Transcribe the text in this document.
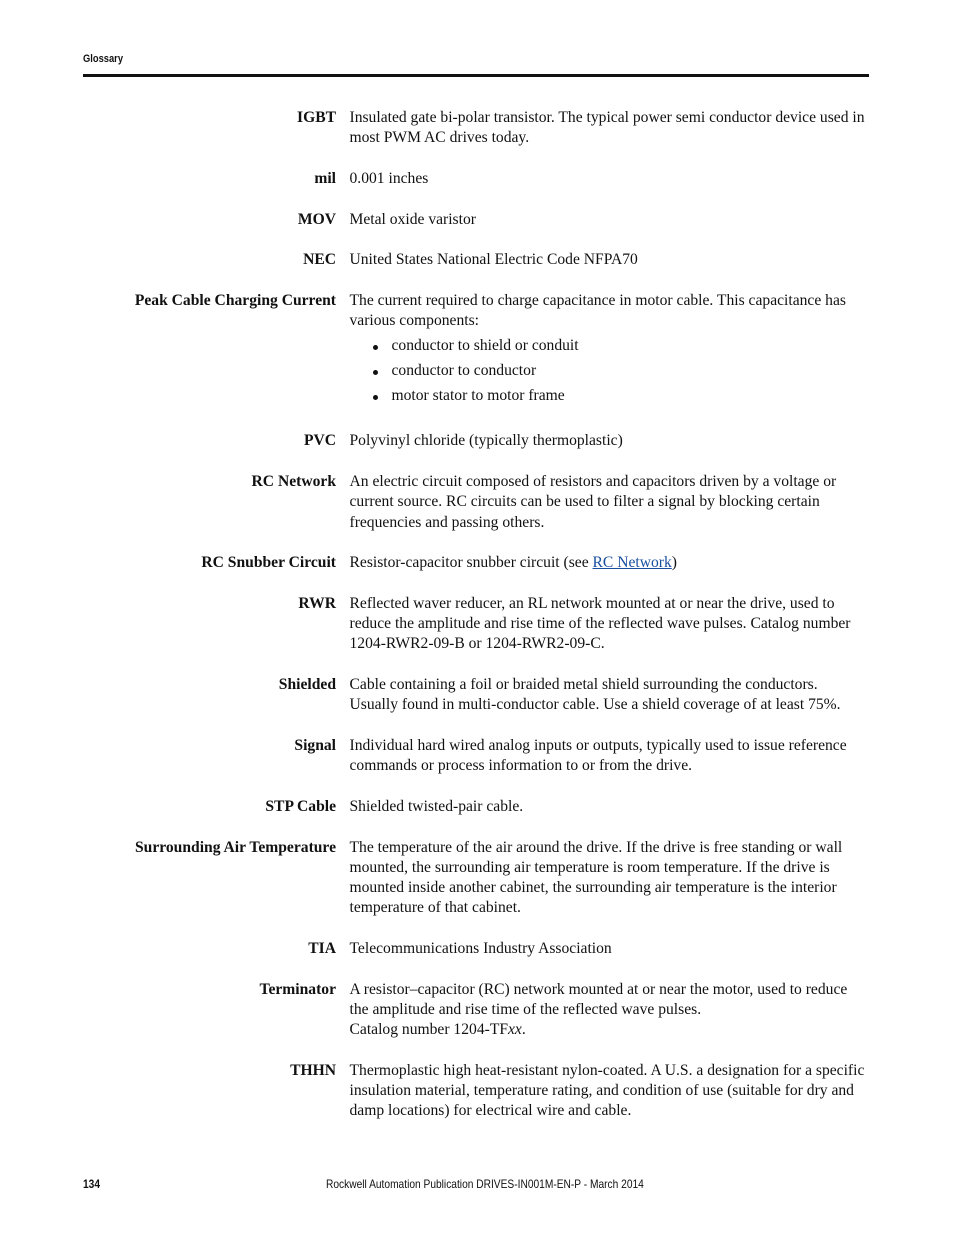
Glossary
IGBT Insulated gate bi-polar transistor. The typical power semi conductor device used in most PWM AC drives today.
mil 0.001 inches
MOV Metal oxide varistor
NEC United States National Electric Code NFPA70
Peak Cable Charging Current The current required to charge capacitance in motor cable. This capacitance has various components:
conductor to shield or conduit
conductor to conductor
motor stator to motor frame
PVC Polyvinyl chloride (typically thermoplastic)
RC Network An electric circuit composed of resistors and capacitors driven by a voltage or current source. RC circuits can be used to filter a signal by blocking certain frequencies and passing others.
RC Snubber Circuit Resistor-capacitor snubber circuit (see RC Network)
RWR Reflected waver reducer, an RL network mounted at or near the drive, used to reduce the amplitude and rise time of the reflected wave pulses. Catalog number 1204-RWR2-09-B or 1204-RWR2-09-C.
Shielded Cable containing a foil or braided metal shield surrounding the conductors. Usually found in multi-conductor cable. Use a shield coverage of at least 75%.
Signal Individual hard wired analog inputs or outputs, typically used to issue reference commands or process information to or from the drive.
STP Cable Shielded twisted-pair cable.
Surrounding Air Temperature The temperature of the air around the drive. If the drive is free standing or wall mounted, the surrounding air temperature is room temperature. If the drive is mounted inside another cabinet, the surrounding air temperature is the interior temperature of that cabinet.
TIA Telecommunications Industry Association
Terminator A resistor–capacitor (RC) network mounted at or near the motor, used to reduce the amplitude and rise time of the reflected wave pulses.
Catalog number 1204-TFxx.
THHN Thermoplastic high heat-resistant nylon-coated. A U.S. a designation for a specific insulation material, temperature rating, and condition of use (suitable for dry and damp locations) for electrical wire and cable.
134	Rockwell Automation Publication DRIVES-IN001M-EN-P - March 2014
